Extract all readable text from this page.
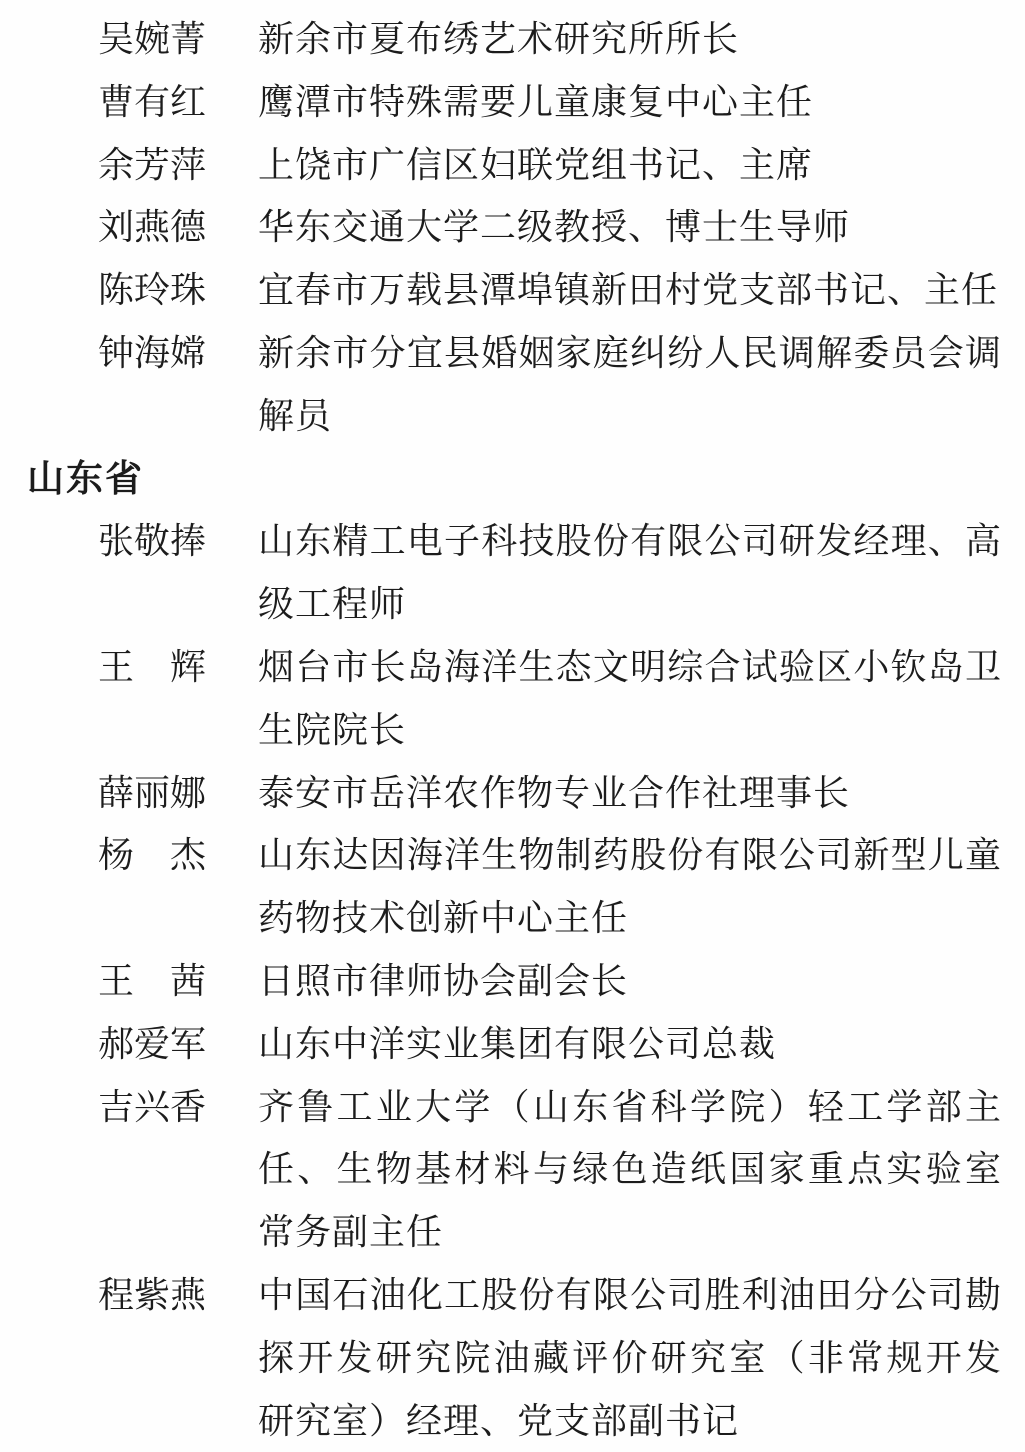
吴婉菁	新余市夏布绣艺术研究所所长
曹有红	鹰潭市特殊需要儿童康复中心主任
余芳萍	上饶市广信区妇联党组书记、主席
刘燕德	华东交通大学二级教授、博士生导师
陈玲珠	宜春市万载县潭埠镇新田村党支部书记、主任
钟海嫦	新余市分宜县婚姻家庭纠纷人民调解委员会调
解员
山东省
张敬捧	山东精工电子科技股份有限公司研发经理、高
级工程师
王　辉	烟台市长岛海洋生态文明综合试验区小钦岛卫
生院院长
薛丽娜	泰安市岳洋农作物专业合作社理事长
杨　杰	山东达因海洋生物制药股份有限公司新型儿童
药物技术创新中心主任
王　茜	日照市律师协会副会长
郝爱军	山东中洋实业集团有限公司总裁
吉兴香	齐鲁工业大学（山东省科学院）轻工学部主
任、生物基材料与绿色造纸国家重点实验室
常务副主任
程紫燕	中国石油化工股份有限公司胜利油田分公司勘
探开发研究院油藏评价研究室（非常规开发
研究室）经理、党支部副书记
